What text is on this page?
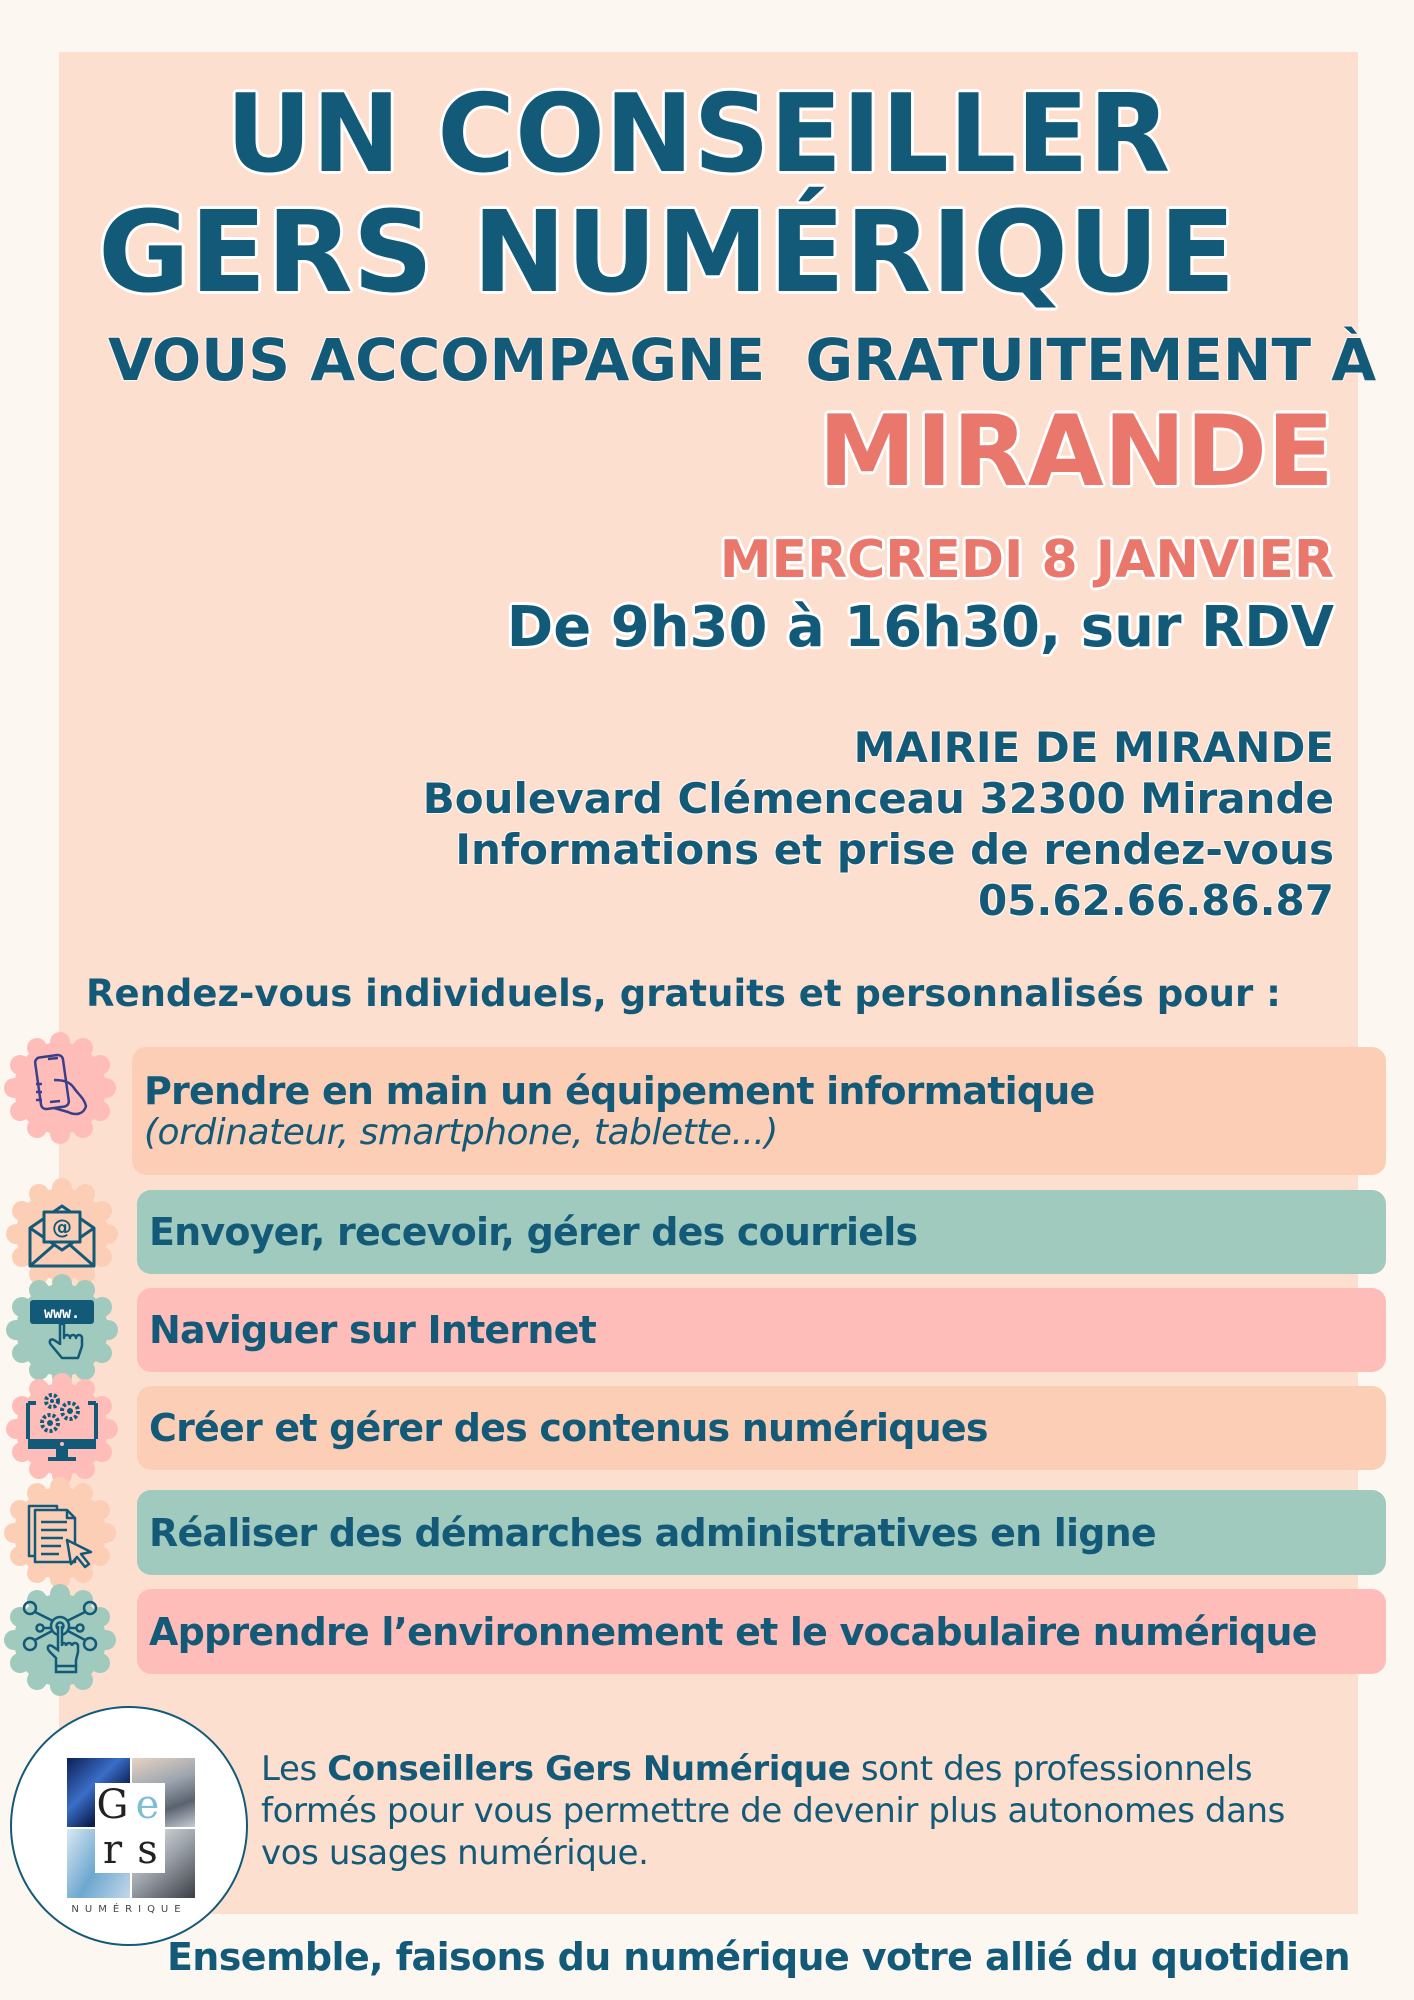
UN CONSEILLER
GERS NUMÉRIQUE
VOUS ACCOMPAGNE  GRATUITEMENT À
MIRANDE
MERCREDI 8 JANVIER
De 9h30 à 16h30, sur RDV
MAIRIE DE MIRANDE
Boulevard Clémenceau 32300 Mirande
Informations et prise de rendez-vous
05.62.66.86.87
Rendez-vous individuels, gratuits et personnalisés pour :
Prendre en main un équipement informatique
(ordinateur, smartphone, tablette...)
Envoyer, recevoir, gérer des courriels
Naviguer sur Internet
Créer et gérer des contenus numériques
Réaliser des démarches administratives en ligne
Apprendre l’environnement et le vocabulaire numérique
@
www.
G e
r s
NUMÉRIQUE
Les Conseillers Gers Numérique sont des professionnels formés pour vous permettre de devenir plus autonomes dans vos usages numérique.
Ensemble, faisons du numérique votre allié du quotidien
